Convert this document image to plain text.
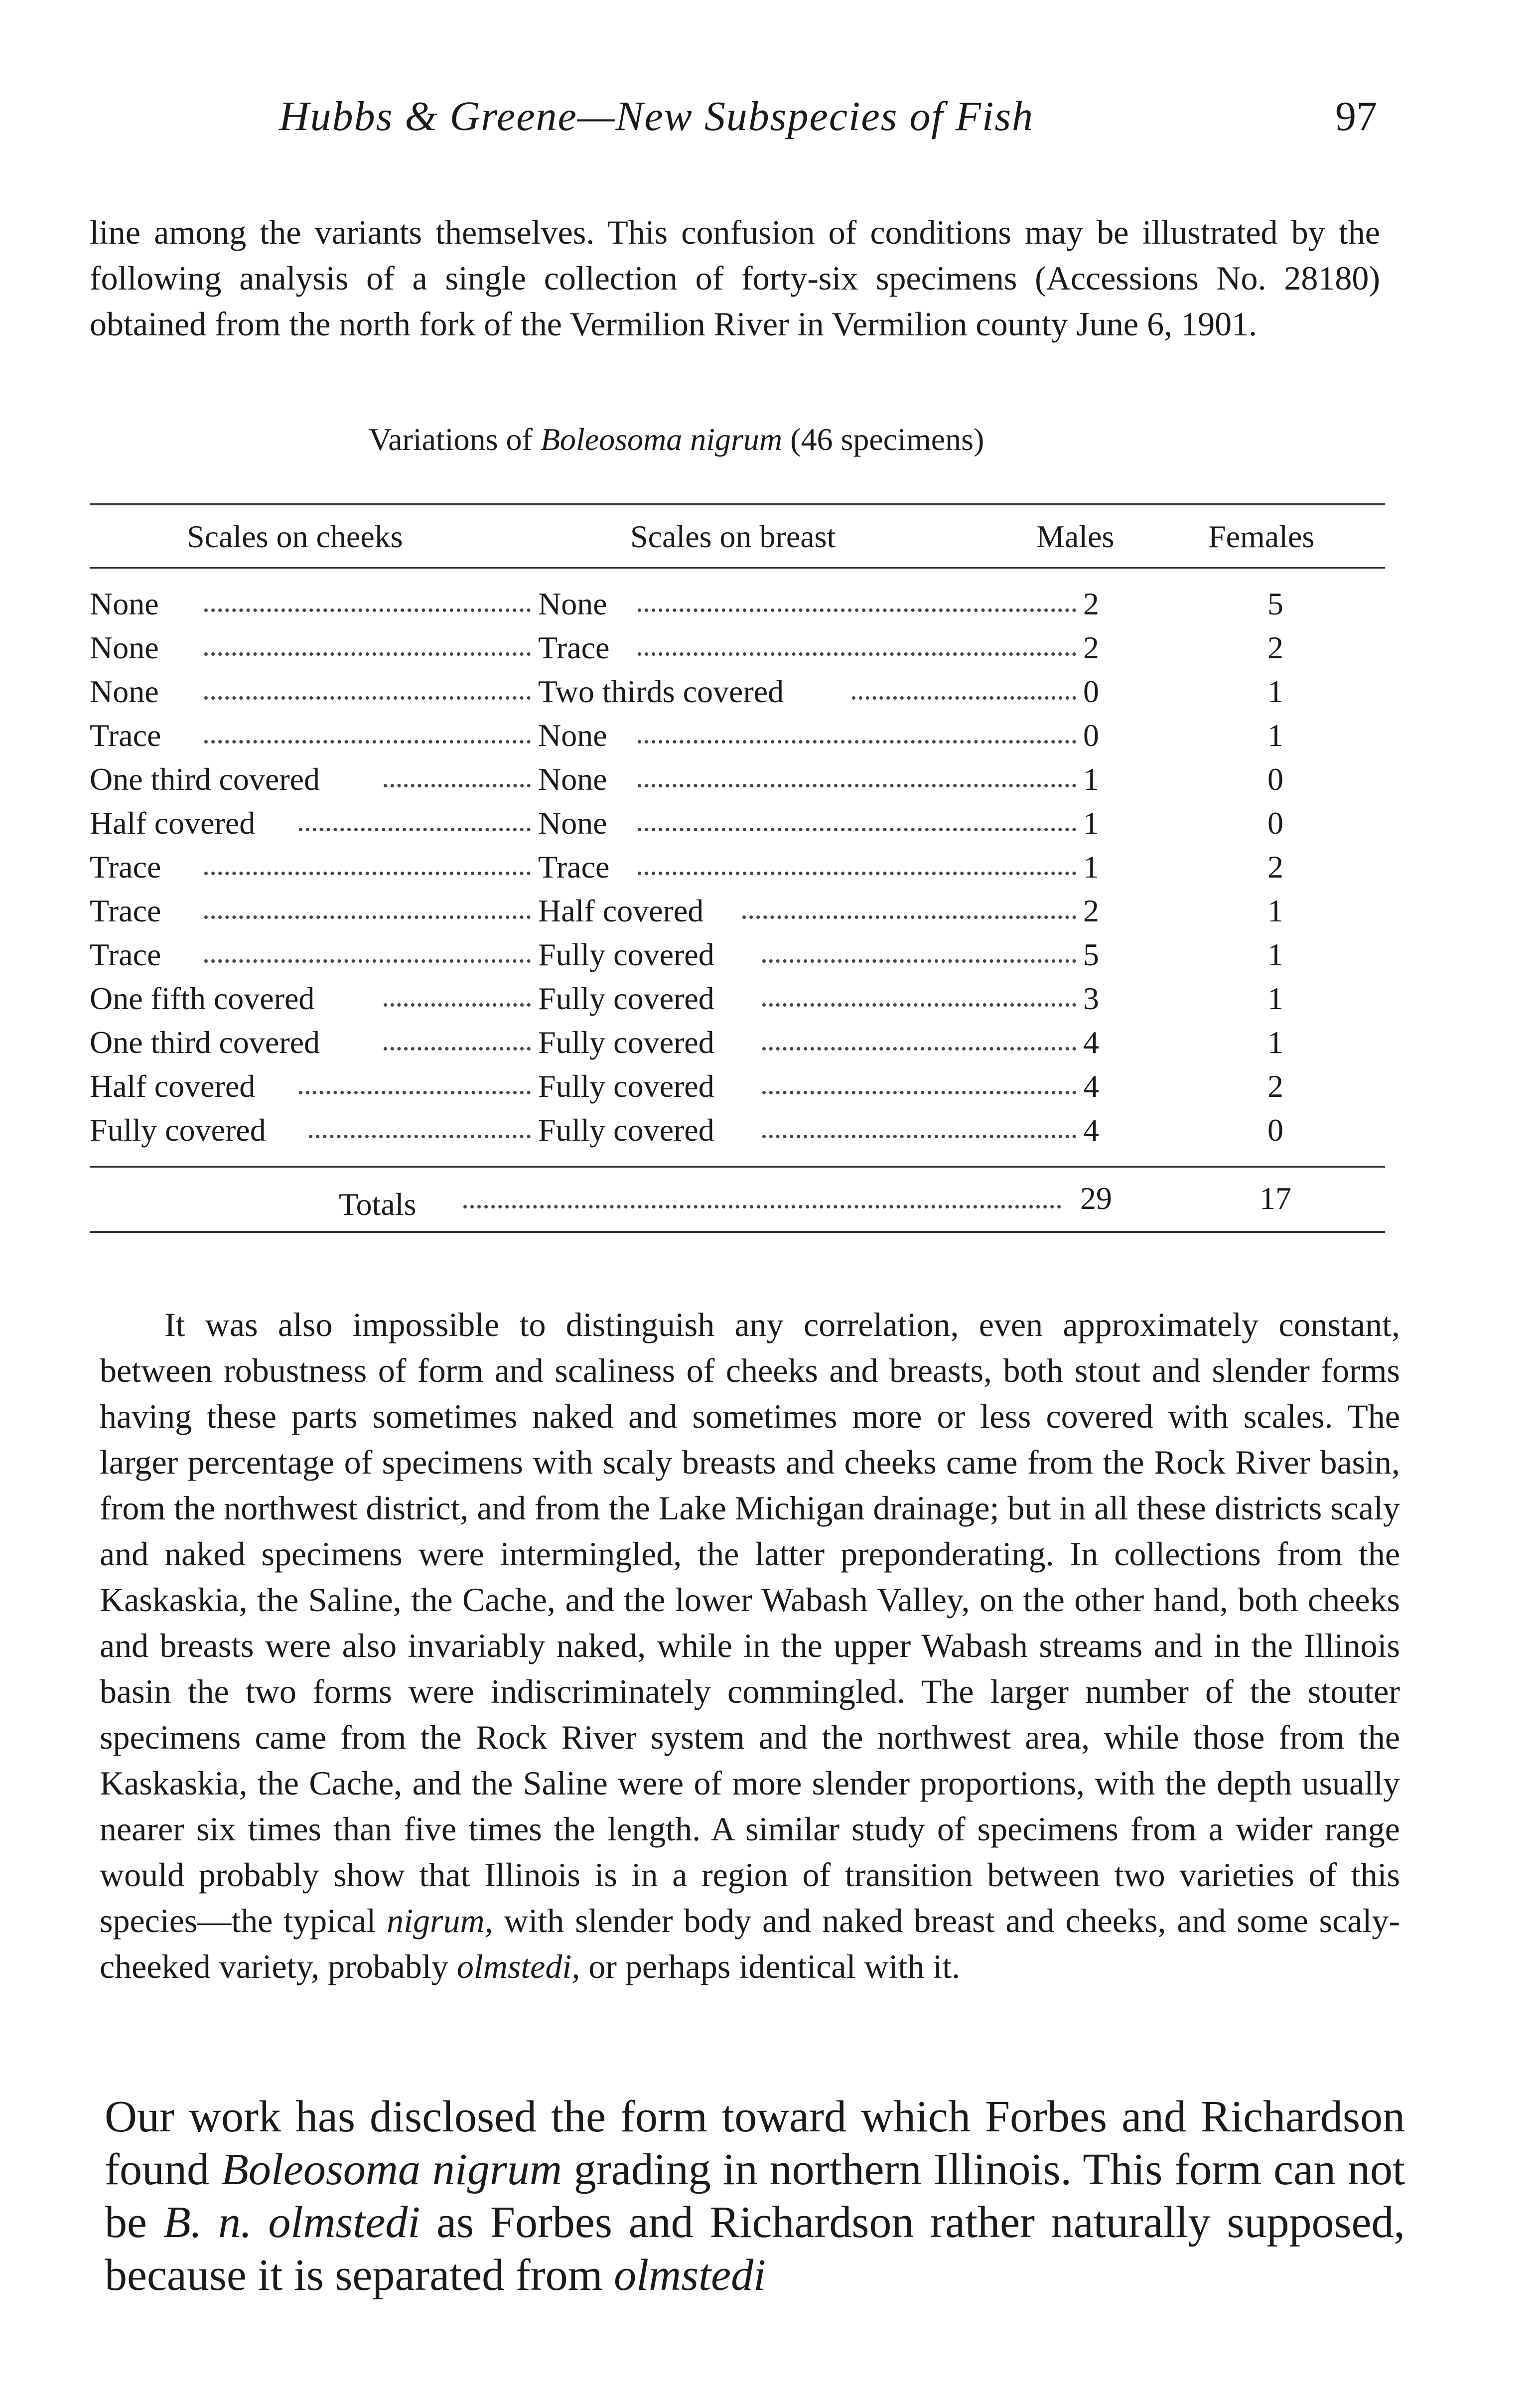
Hubbs & Greene—New Subspecies of Fish	97

line among the variants themselves. This confusion of conditions may be illustrated by the following analysis of a single collection of forty-six specimens (Accessions No. 28180) obtained from the north fork of the Vermilion River in Vermilion county June 6, 1901.

Variations of Boleosoma nigrum (46 specimens)
Scales on cheeks	Scales on breast	Males	Females
None	None	2	5
None	Trace	2	2
None	Two thirds covered	0	1
Trace	None	0	1
One third covered	None	1	0
Half covered	None	1	0
Trace	Trace	1	2
Trace	Half covered	2	1
Trace	Fully covered	5	1
One fifth covered	Fully covered	3	1
One third covered	Fully covered	4	1
Half covered	Fully covered	4	2
Fully covered	Fully covered	4	0
Totals	29	17

It was also impossible to distinguish any correlation, even approximately constant, between robustness of form and scaliness of cheeks and breasts, both stout and slender forms having these parts sometimes naked and sometimes more or less covered with scales. The larger percentage of specimens with scaly breasts and cheeks came from the Rock River basin, from the northwest district, and from the Lake Michigan drainage; but in all these districts scaly and naked specimens were intermingled, the latter preponderating. In collections from the Kaskaskia, the Saline, the Cache, and the lower Wabash Valley, on the other hand, both cheeks and breasts were also invariably naked, while in the upper Wabash streams and in the Illinois basin the two forms were indiscriminately commingled. The larger number of the stouter specimens came from the Rock River system and the northwest area, while those from the Kaskaskia, the Cache, and the Saline were of more slender proportions, with the depth usually nearer six times than five times the length. A similar study of specimens from a wider range would probably show that Illinois is in a region of transition between two varieties of this species—the typical nigrum, with slender body and naked breast and cheeks, and some scaly-cheeked variety, probably olmstedi, or perhaps identical with it.

Our work has disclosed the form toward which Forbes and Richardson found Boleosoma nigrum grading in northern Illinois. This form can not be B. n. olmstedi as Forbes and Richardson rather naturally supposed, because it is separated from olmstedi
